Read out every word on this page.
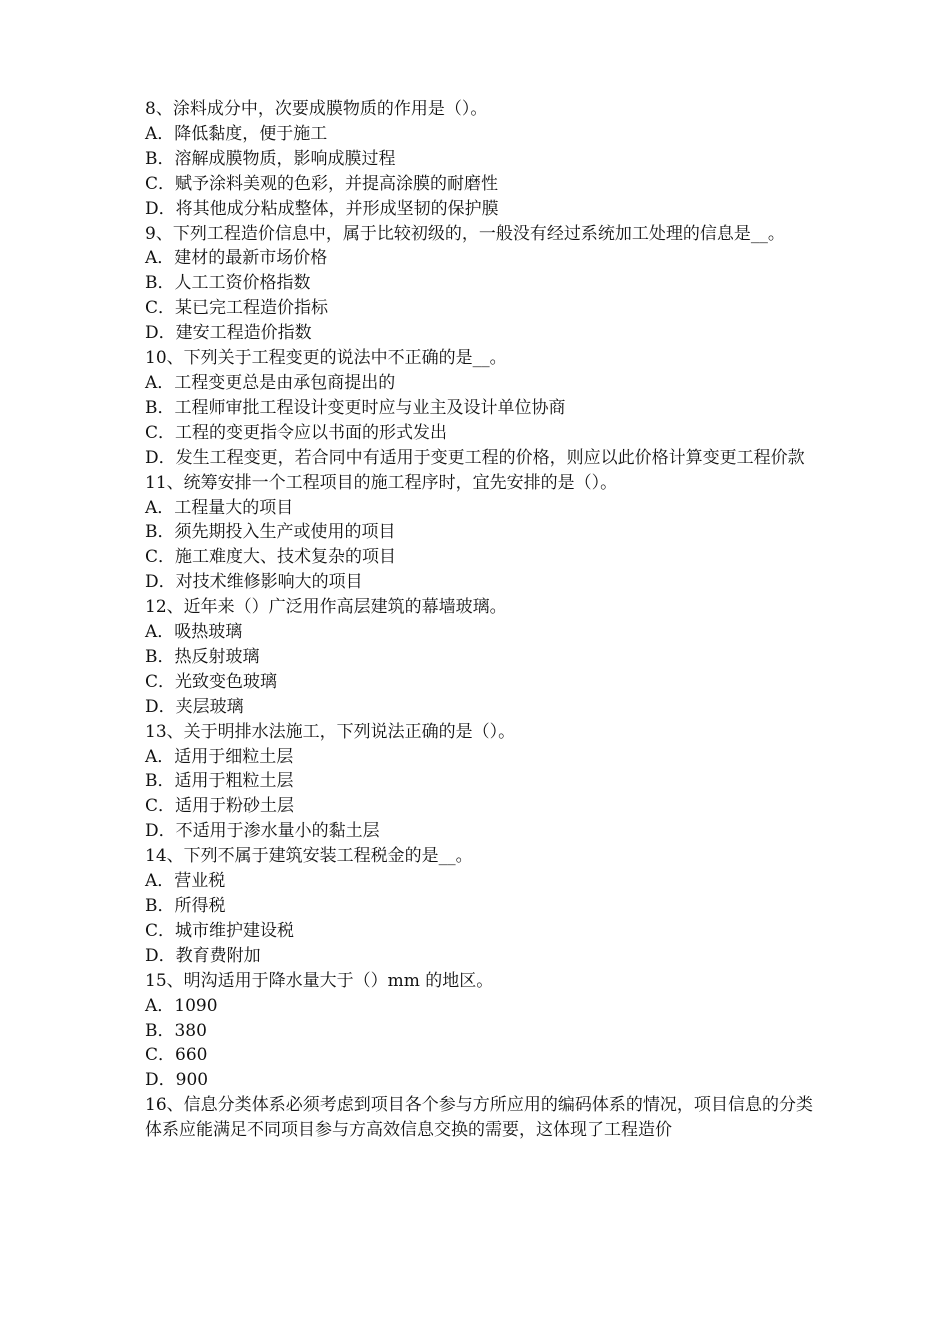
8、涂料成分中，次要成膜物质的作用是（）。
A．降低黏度，便于施工
B．溶解成膜物质，影响成膜过程
C．赋予涂料美观的色彩，并提高涂膜的耐磨性
D．将其他成分粘成整体，并形成坚韧的保护膜
9、下列工程造价信息中，属于比较初级的，一般没有经过系统加工处理的信息是__。
A．建材的最新市场价格
B．人工工资价格指数
C．某已完工程造价指标
D．建安工程造价指数
10、下列关于工程变更的说法中不正确的是__。
A．工程变更总是由承包商提出的
B．工程师审批工程设计变更时应与业主及设计单位协商
C．工程的变更指令应以书面的形式发出
D．发生工程变更，若合同中有适用于变更工程的价格，则应以此价格计算变更工程价款
11、统筹安排一个工程项目的施工程序时，宜先安排的是（）。
A．工程量大的项目
B．须先期投入生产或使用的项目
C．施工难度大、技术复杂的项目
D．对技术维修影响大的项目
12、近年来（）广泛用作高层建筑的幕墙玻璃。
A．吸热玻璃
B．热反射玻璃
C．光致变色玻璃
D．夹层玻璃
13、关于明排水法施工，下列说法正确的是（）。
A．适用于细粒土层
B．适用于粗粒土层
C．适用于粉砂土层
D．不适用于渗水量小的黏土层
14、下列不属于建筑安装工程税金的是__。
A．营业税
B．所得税
C．城市维护建设税
D．教育费附加
15、明沟适用于降水量大于（）mm 的地区。
A．1090
B．380
C．660
D．900
16、信息分类体系必须考虑到项目各个参与方所应用的编码体系的情况，项目信息的分类体系应能满足不同项目参与方高效信息交换的需要，这体现了工程造价
